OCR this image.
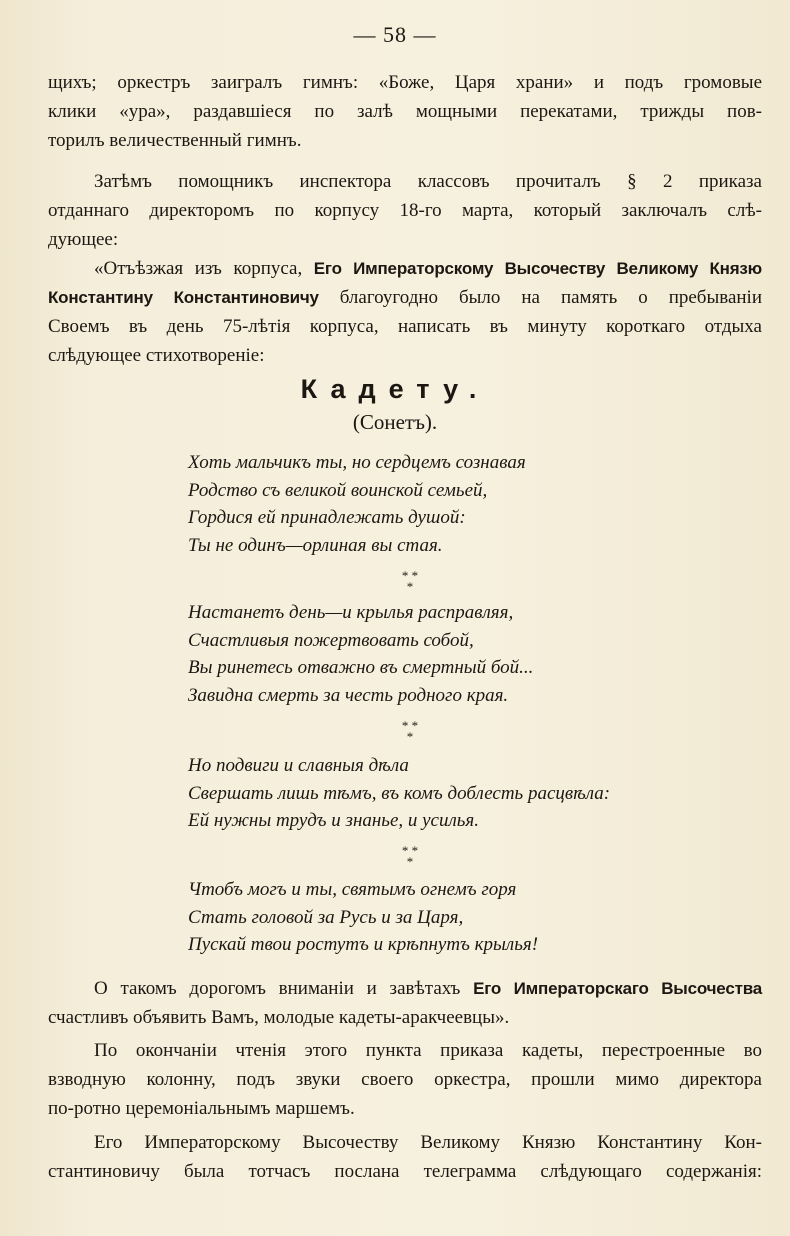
— 58 —
щихъ; оркестръ заигралъ гимнъ: «Боже, Царя храни» и подъ громовые
клики «ура», раздавшiеся по залѣ мощными перекатами, трижды пов-
торилъ величественный гимнъ.
Затѣмъ помощникъ инспектора классовъ прочиталъ § 2 приказа
отданнаго директоромъ по корпусу 18-го марта, который заключалъ слѣ-
дующее:
«Отъѣзжая изъ корпуса, Его Императорскому Высочеству Великому Князю
Константину Константиновичу благоугодно было на память о пребыванiи
Своемъ въ день 75-лѣтiя корпуса, написать въ минуту короткаго отдыха
слѣдующее стихотворенiе:
Кадету.
(Сонетъ).
Хоть мальчикъ ты, но сердцемъ сознавая
Родство съ великой воинской семьей,
Гордися ей принадлежать душой:
Ты не одинъ—орлиная вы стая.
* *
*
Настанетъ день—и крылья расправляя,
Счастливыя пожертвовать собой,
Вы ринетесь отважно въ смертный бой...
Завидна смерть за честь родного края.
* *
*
Но подвиги и славныя дѣла
Свершать лишь тѣмъ, въ комъ доблесть расцвѣла:
Ей нужны трудъ и знанье, и усилья.
* *
*
Чтобъ могъ и ты, святымъ огнемъ горя
Стать головой за Русь и за Царя,
Пускай твои ростутъ и крѣпнутъ крылья!
О такомъ дорогомъ вниманiи и завѣтахъ Его Императорскаго Высочества
счастливъ объявить Вамъ, молодые кадеты-аракчеевцы».
По окончанiи чтенiя этого пункта приказа кадеты, перестроенные во
взводную колонну, подъ звуки своего оркестра, прошли мимо директора
по-ротно церемонiальнымъ маршемъ.
Его Императорскому Высочеству Великому Князю Константину Кон-
стантиновичу была тотчасъ послана телеграмма слѣдующаго содержанiя:
